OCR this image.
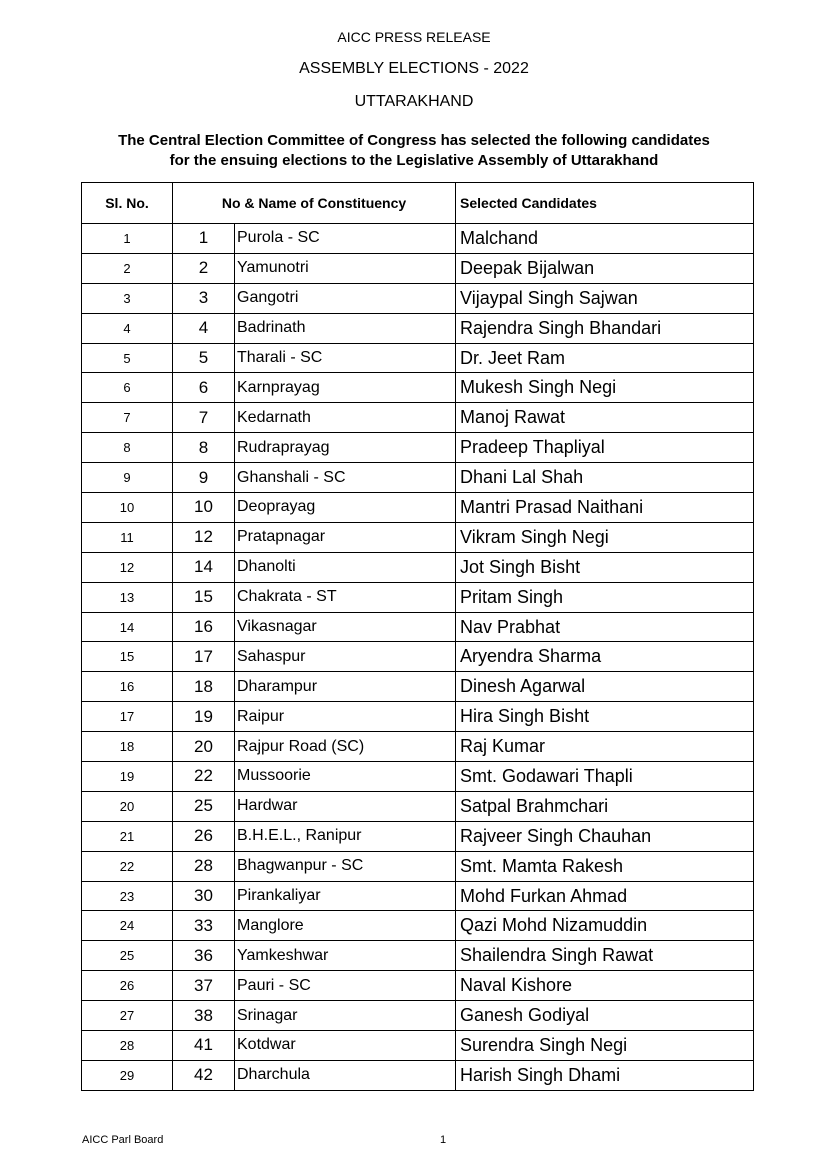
AICC PRESS RELEASE
ASSEMBLY ELECTIONS - 2022
UTTARAKHAND
The Central Election Committee of Congress has selected the following candidates
for the ensuing elections to the Legislative Assembly of Uttarakhand
Sl. No.	No & Name of Constituency		Selected Candidates
1	1	Purola - SC	Malchand
2	2	Yamunotri	Deepak Bijalwan
3	3	Gangotri	Vijaypal Singh Sajwan
4	4	Badrinath	Rajendra Singh Bhandari
5	5	Tharali - SC	Dr. Jeet Ram
6	6	Karnprayag	Mukesh Singh Negi
7	7	Kedarnath	Manoj Rawat
8	8	Rudraprayag	Pradeep Thapliyal
9	9	Ghanshali - SC	Dhani Lal Shah
10	10	Deoprayag	Mantri Prasad Naithani
11	12	Pratapnagar	Vikram Singh Negi
12	14	Dhanolti	Jot Singh Bisht
13	15	Chakrata - ST	Pritam Singh
14	16	Vikasnagar	Nav Prabhat
15	17	Sahaspur	Aryendra Sharma
16	18	Dharampur	Dinesh Agarwal
17	19	Raipur	Hira Singh Bisht
18	20	Rajpur Road (SC)	Raj Kumar
19	22	Mussoorie	Smt. Godawari Thapli
20	25	Hardwar	Satpal Brahmchari
21	26	B.H.E.L., Ranipur	Rajveer Singh Chauhan
22	28	Bhagwanpur - SC	Smt. Mamta Rakesh
23	30	Pirankaliyar	Mohd Furkan Ahmad
24	33	Manglore	Qazi Mohd Nizamuddin
25	36	Yamkeshwar	Shailendra Singh Rawat
26	37	Pauri - SC	Naval Kishore
27	38	Srinagar	Ganesh Godiyal
28	41	Kotdwar	Surendra Singh Negi
29	42	Dharchula	Harish Singh Dhami
AICC Parl Board	1
